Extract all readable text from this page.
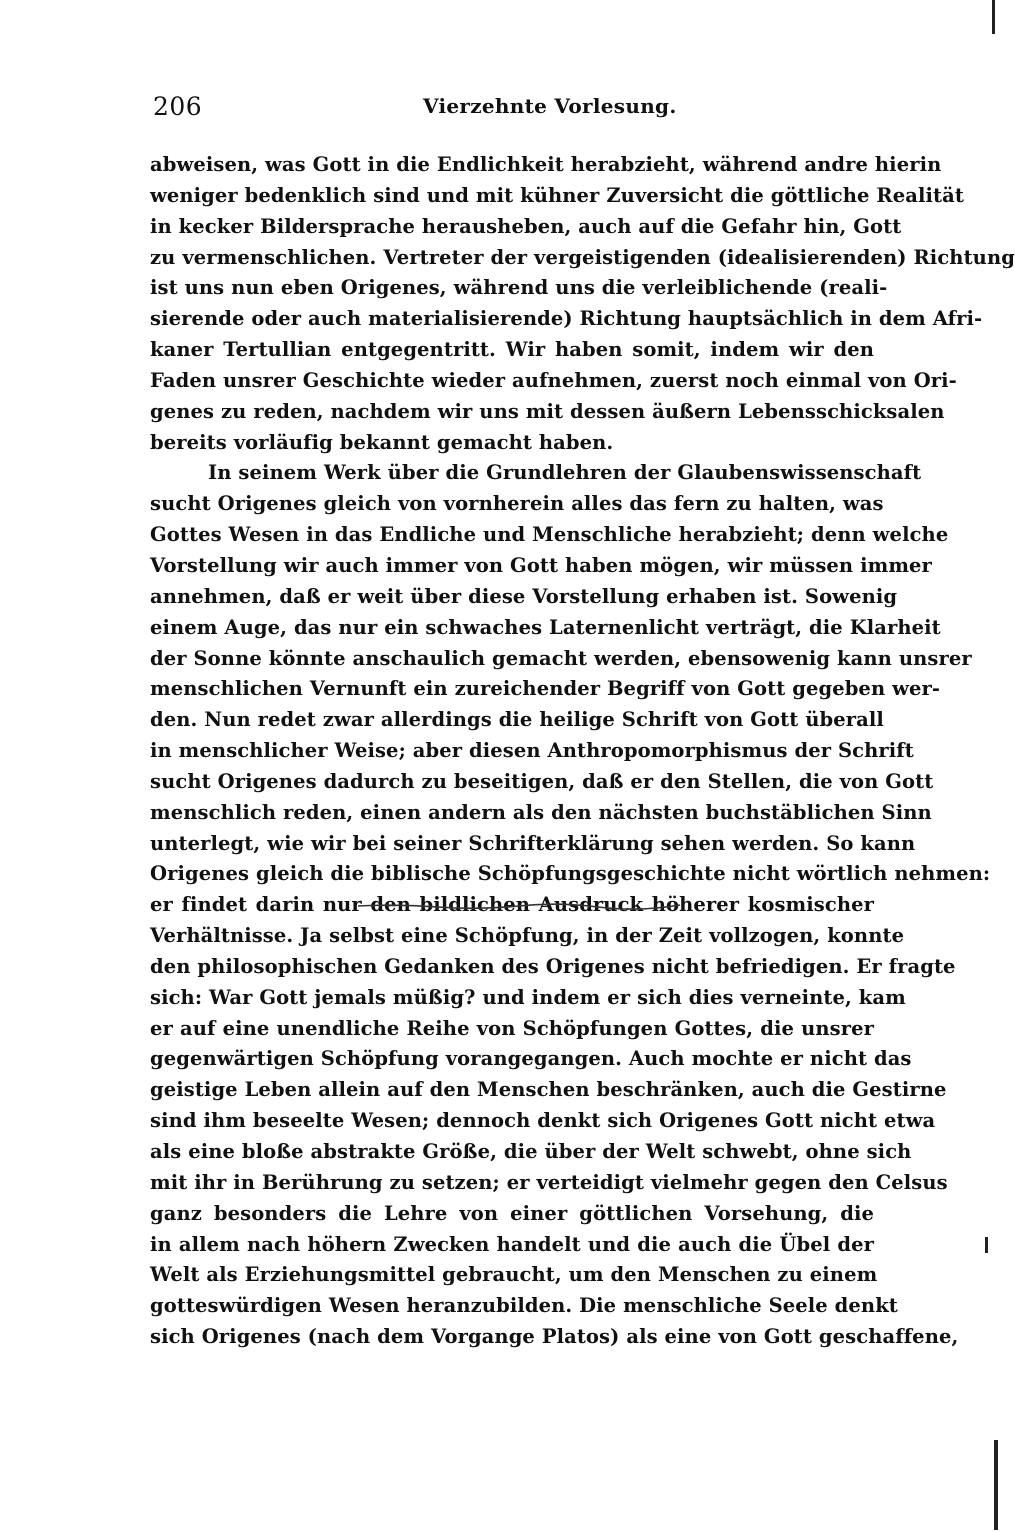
206	Vierzehnte Vorlesung.
abweisen, was Gott in die Endlichkeit herabzieht, während andre hierin
weniger bedenklich sind und mit kühner Zuversicht die göttliche Realität
in kecker Bildersprache herausheben, auch auf die Gefahr hin, Gott
zu vermenschlichen. Vertreter der vergeistigenden (idealisierenden) Richtung
ist uns nun eben Origenes, während uns die verleiblichende (reali-
sierende oder auch materialisierende) Richtung hauptsächlich in dem Afri-
kaner Tertullian entgegentritt. Wir haben somit, indem wir den
Faden unsrer Geschichte wieder aufnehmen, zuerst noch einmal von Ori-
genes zu reden, nachdem wir uns mit dessen äußern Lebensschicksalen
bereits vorläufig bekannt gemacht haben.
In seinem Werk über die Grundlehren der Glaubenswissenschaft
sucht Origenes gleich von vornherein alles das fern zu halten, was
Gottes Wesen in das Endliche und Menschliche herabzieht; denn welche
Vorstellung wir auch immer von Gott haben mögen, wir müssen immer
annehmen, daß er weit über diese Vorstellung erhaben ist. Sowenig
einem Auge, das nur ein schwaches Laternenlicht verträgt, die Klarheit
der Sonne könnte anschaulich gemacht werden, ebensowenig kann unsrer
menschlichen Vernunft ein zureichender Begriff von Gott gegeben wer-
den. Nun redet zwar allerdings die heilige Schrift von Gott überall
in menschlicher Weise; aber diesen Anthropomorphismus der Schrift
sucht Origenes dadurch zu beseitigen, daß er den Stellen, die von Gott
menschlich reden, einen andern als den nächsten buchstäblichen Sinn
unterlegt, wie wir bei seiner Schrifterklärung sehen werden. So kann
Origenes gleich die biblische Schöpfungsgeschichte nicht wörtlich nehmen:
er findet darin nur den bildlichen Ausdruck höherer kosmischer
Verhältnisse. Ja selbst eine Schöpfung, in der Zeit vollzogen, konnte
den philosophischen Gedanken des Origenes nicht befriedigen. Er fragte
sich: War Gott jemals müßig? und indem er sich dies verneinte, kam
er auf eine unendliche Reihe von Schöpfungen Gottes, die unsrer
gegenwärtigen Schöpfung vorangegangen. Auch mochte er nicht das
geistige Leben allein auf den Menschen beschränken, auch die Gestirne
sind ihm beseelte Wesen; dennoch denkt sich Origenes Gott nicht etwa
als eine bloße abstrakte Größe, die über der Welt schwebt, ohne sich
mit ihr in Berührung zu setzen; er verteidigt vielmehr gegen den Celsus
ganz besonders die Lehre von einer göttlichen Vorsehung, die
in allem nach höhern Zwecken handelt und die auch die Übel der
Welt als Erziehungsmittel gebraucht, um den Menschen zu einem
gotteswürdigen Wesen heranzubilden. Die menschliche Seele denkt
sich Origenes (nach dem Vorgange Platos) als eine von Gott geschaffene,
